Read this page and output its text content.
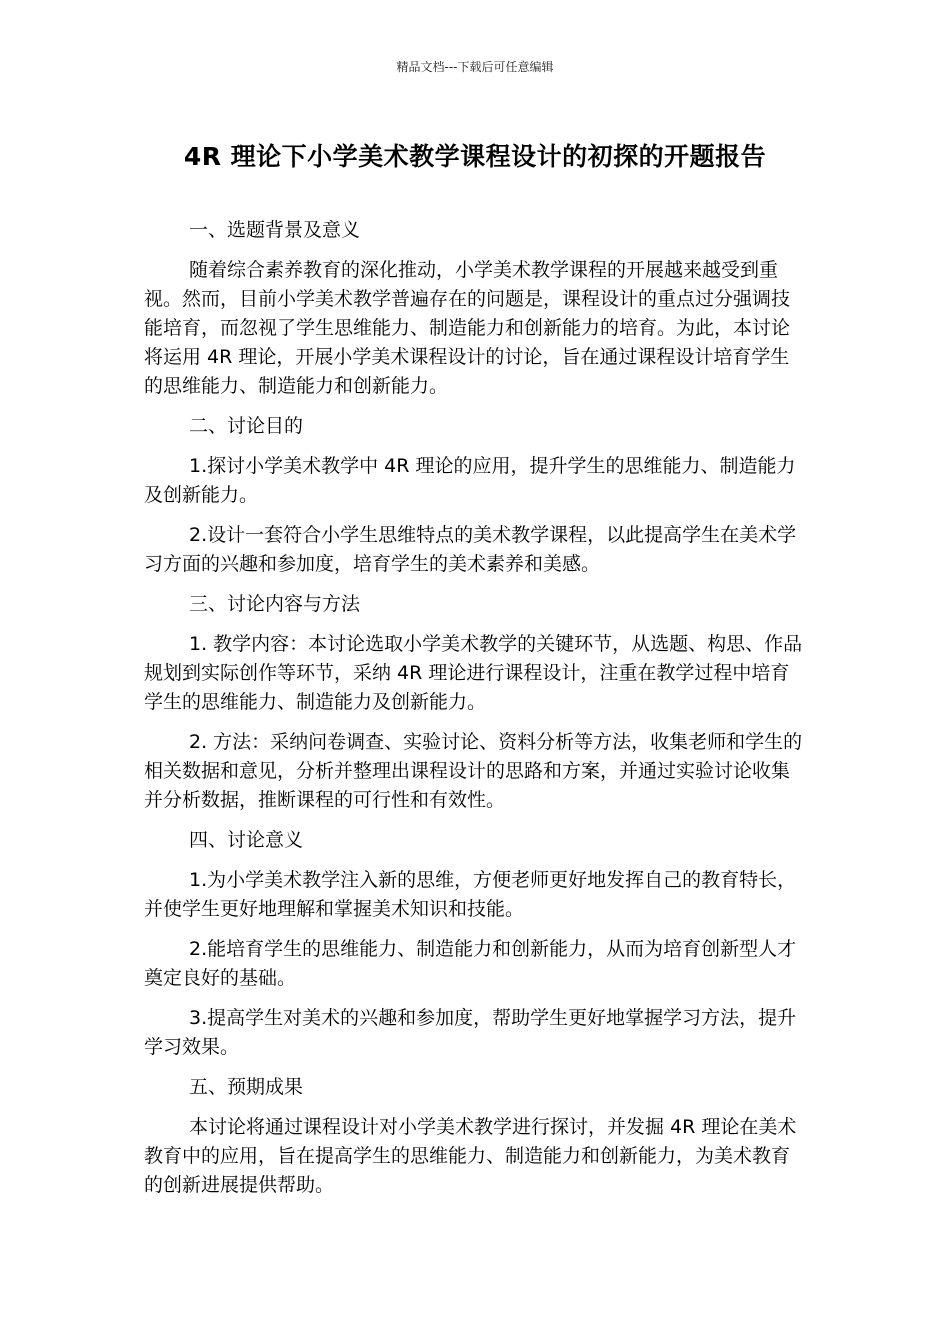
精品文档---下载后可任意编辑
4R 理论下小学美术教学课程设计的初探的开题报告

一、选题背景及意义

随着综合素养教育的深化推动，小学美术教学课程的开展越来越受到重视。然而，目前小学美术教学普遍存在的问题是，课程设计的重点过分强调技能培育，而忽视了学生思维能力、制造能力和创新能力的培育。为此，本讨论将运用 4R 理论，开展小学美术课程设计的讨论，旨在通过课程设计培育学生的思维能力、制造能力和创新能力。

二、讨论目的

1.探讨小学美术教学中 4R 理论的应用，提升学生的思维能力、制造能力及创新能力。

2.设计一套符合小学生思维特点的美术教学课程，以此提高学生在美术学习方面的兴趣和参加度，培育学生的美术素养和美感。

三、讨论内容与方法

1. 教学内容：本讨论选取小学美术教学的关键环节，从选题、构思、作品规划到实际创作等环节，采纳 4R 理论进行课程设计，注重在教学过程中培育学生的思维能力、制造能力及创新能力。

2. 方法：采纳问卷调查、实验讨论、资料分析等方法，收集老师和学生的相关数据和意见，分析并整理出课程设计的思路和方案，并通过实验讨论收集并分析数据，推断课程的可行性和有效性。

四、讨论意义

1.为小学美术教学注入新的思维，方便老师更好地发挥自己的教育特长，并使学生更好地理解和掌握美术知识和技能。

2.能培育学生的思维能力、制造能力和创新能力，从而为培育创新型人才奠定良好的基础。

3.提高学生对美术的兴趣和参加度，帮助学生更好地掌握学习方法，提升学习效果。

五、预期成果

本讨论将通过课程设计对小学美术教学进行探讨，并发掘 4R 理论在美术教育中的应用，旨在提高学生的思维能力、制造能力和创新能力，为美术教育的创新进展提供帮助。
